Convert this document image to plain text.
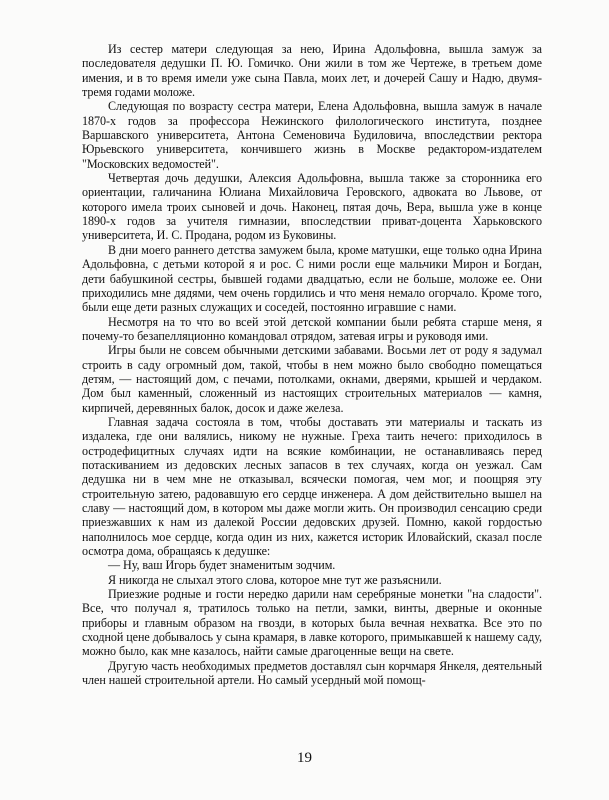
Из сестер матери следующая за нею, Ирина Адольфовна, вышла замуж за последователя дедушки П. Ю. Гомичко. Они жили в том же Чертеже, в третьем доме имения, и в то время имели уже сына Павла, моих лет, и дочерей Сашу и Надю, двумя-тремя годами моложе.

Следующая по возрасту сестра матери, Елена Адольфовна, вышла замуж в начале 1870-х годов за профессора Нежинского филологического института, позднее Варшавского университета, Антона Семеновича Будиловича, впоследствии ректора Юрьевского университета, кончившего жизнь в Москве редактором-издателем "Московских ведомостей".

Четвертая дочь дедушки, Алексия Адольфовна, вышла также за сторонника его ориентации, галичанина Юлиана Михайловича Геровского, адвоката во Львове, от которого имела троих сыновей и дочь. Наконец, пятая дочь, Вера, вышла уже в конце 1890-х годов за учителя гимназии, впоследствии приват-доцента Харьковского университета, И. С. Продана, родом из Буковины.

В дни моего раннего детства замужем была, кроме матушки, еще только одна Ирина Адольфовна, с детьми которой я и рос. С ними росли еще мальчики Мирон и Богдан, дети бабушкиной сестры, бывшей годами двадцатью, если не больше, моложе ее. Они приходились мне дядями, чем очень гордились и что меня немало огорчало. Кроме того, были еще дети разных служащих и соседей, постоянно игравшие с нами.

Несмотря на то что во всей этой детской компании были ребята старше меня, я почему-то безапелляционно командовал отрядом, затевая игры и руководя ими.

Игры были не совсем обычными детскими забавами. Восьми лет от роду я задумал строить в саду огромный дом, такой, чтобы в нем можно было свободно помещаться детям, — настоящий дом, с печами, потолками, окнами, дверями, крышей и чердаком. Дом был каменный, сложенный из настоящих строительных материалов — камня, кирпичей, деревянных балок, досок и даже железа.

Главная задача состояла в том, чтобы доставать эти материалы и таскать из издалека, где они валялись, никому не нужные. Греха таить нечего: приходилось в остродефицитных случаях идти на всякие комбинации, не останавливаясь перед потаскиванием из дедовских лесных запасов в тех случаях, когда он уезжал. Сам дедушка ни в чем мне не отказывал, всячески помогая, чем мог, и поощряя эту строительную затею, радовавшую его сердце инженера. А дом действительно вышел на славу — настоящий дом, в котором мы даже могли жить. Он производил сенсацию среди приезжавших к нам из далекой России дедовских друзей. Помню, какой гордостью наполнилось мое сердце, когда один из них, кажется историк Иловайский, сказал после осмотра дома, обращаясь к дедушке:

— Ну, ваш Игорь будет знаменитым зодчим.

Я никогда не слыхал этого слова, которое мне тут же разъяснили.

Приезжие родные и гости нередко дарили нам серебряные монетки "на сладости". Все, что получал я, тратилось только на петли, замки, винты, дверные и оконные приборы и главным образом на гвозди, в которых была вечная нехватка. Все это по сходной цене добывалось у сына крамаря, в лавке которого, примыкавшей к нашему саду, можно было, как мне казалось, найти самые драгоценные вещи на свете.

Другую часть необходимых предметов доставлял сын корчмаря Янкеля, деятельный член нашей строительной артели. Но самый усердный мой помощ-

19
